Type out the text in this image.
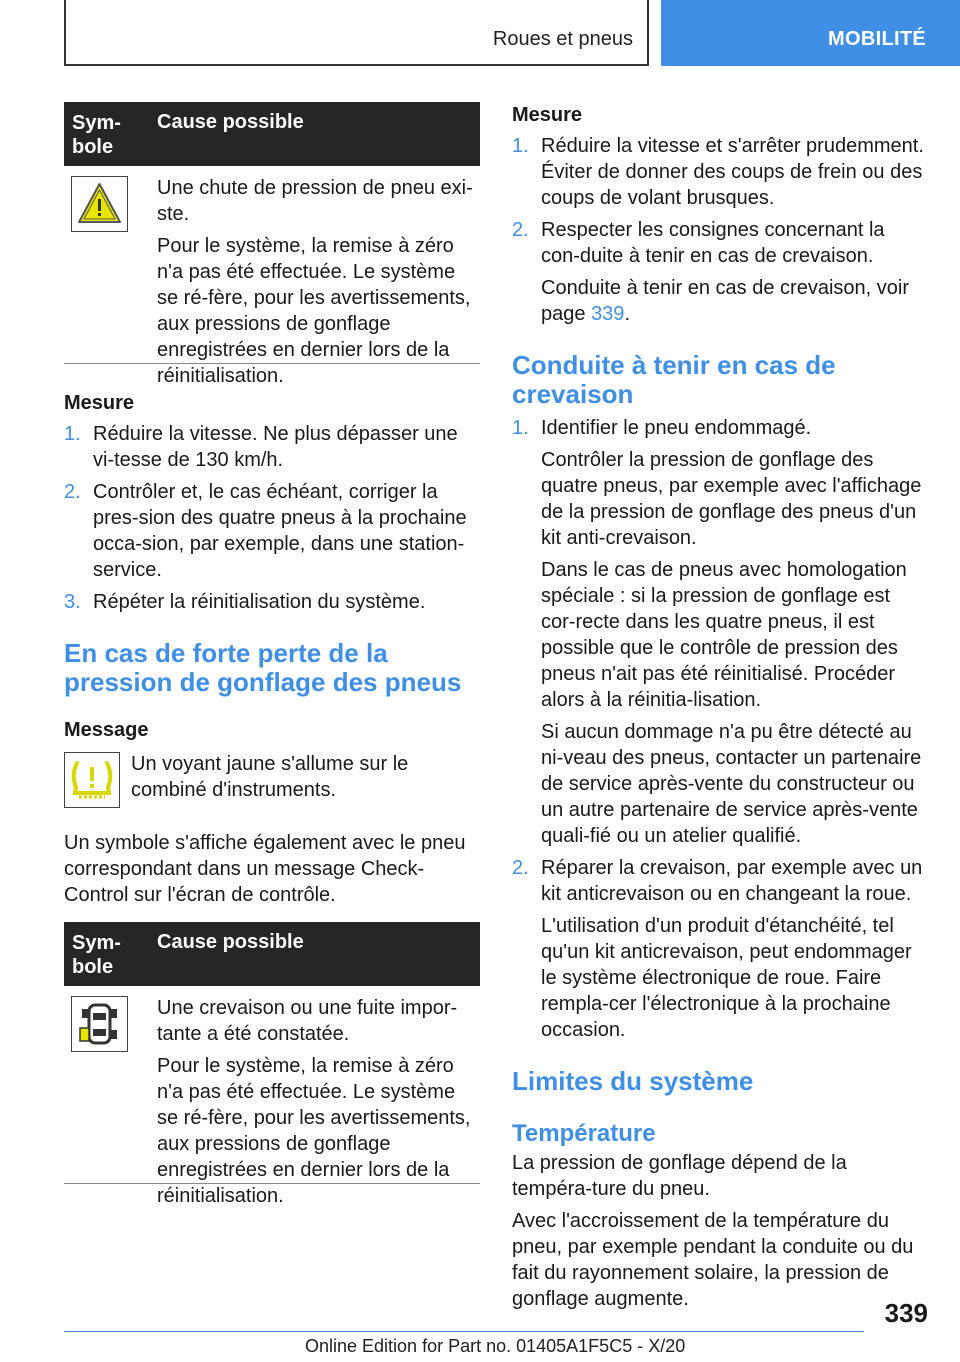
Roues et pneus	MOBILITÉ
Sym-
bole
Cause possible

Une chute de pression de pneu exi-ste.

Pour le système, la remise à zéro n'a pas été effectuée. Le système se ré-fère, pour les avertissements, aux pressions de gonflage enregistrées en dernier lors de la réinitialisation.

Mesure
1. Réduire la vitesse. Ne plus dépasser une vi-tesse de 130 km/h.
2. Contrôler et, le cas échéant, corriger la pres-sion des quatre pneus à la prochaine occa-sion, par exemple, dans une station-service.
3. Répéter la réinitialisation du système.
En cas de forte perte de la pression de gonflage des pneus
Message
Un voyant jaune s'allume sur le combiné d'instruments.

Un symbole s'affiche également avec le pneu correspondant dans un message Check-Control sur l'écran de contrôle.

Sym-
bole
Cause possible

Une crevaison ou une fuite impor-tante a été constatée.

Pour le système, la remise à zéro n'a pas été effectuée. Le système se ré-fère, pour les avertissements, aux pressions de gonflage enregistrées en dernier lors de la réinitialisation.

Mesure
1. Réduire la vitesse et s'arrêter prudemment. Éviter de donner des coups de frein ou des coups de volant brusques.
2. Respecter les consignes concernant la con-duite à tenir en cas de crevaison.

Conduite à tenir en cas de crevaison, voir page 339.

Conduite à tenir en cas de crevaison
1. Identifier le pneu endommagé.

Contrôler la pression de gonflage des quatre pneus, par exemple avec l'affichage de la pression de gonflage des pneus d'un kit anti-crevaison.

Dans le cas de pneus avec homologation spéciale : si la pression de gonflage est cor-recte dans les quatre pneus, il est possible que le contrôle de pression des pneus n'ait pas été réinitialisé. Procéder alors à la réinitia-lisation.

Si aucun dommage n'a pu être détecté au ni-veau des pneus, contacter un partenaire de service après-vente du constructeur ou un autre partenaire de service après-vente quali-fié ou un atelier qualifié.

2. Réparer la crevaison, par exemple avec un kit anticrevaison ou en changeant la roue.

L'utilisation d'un produit d'étanchéité, tel qu'un kit anticrevaison, peut endommager le système électronique de roue. Faire rempla-cer l'électronique à la prochaine occasion.

Limites du système
Température

La pression de gonflage dépend de la tempéra-ture du pneu.

Avec l'accroissement de la température du pneu, par exemple pendant la conduite ou du fait du rayonnement solaire, la pression de gonflage augmente.	339
Online Edition for Part no. 01405A1F5C5 - X/20
